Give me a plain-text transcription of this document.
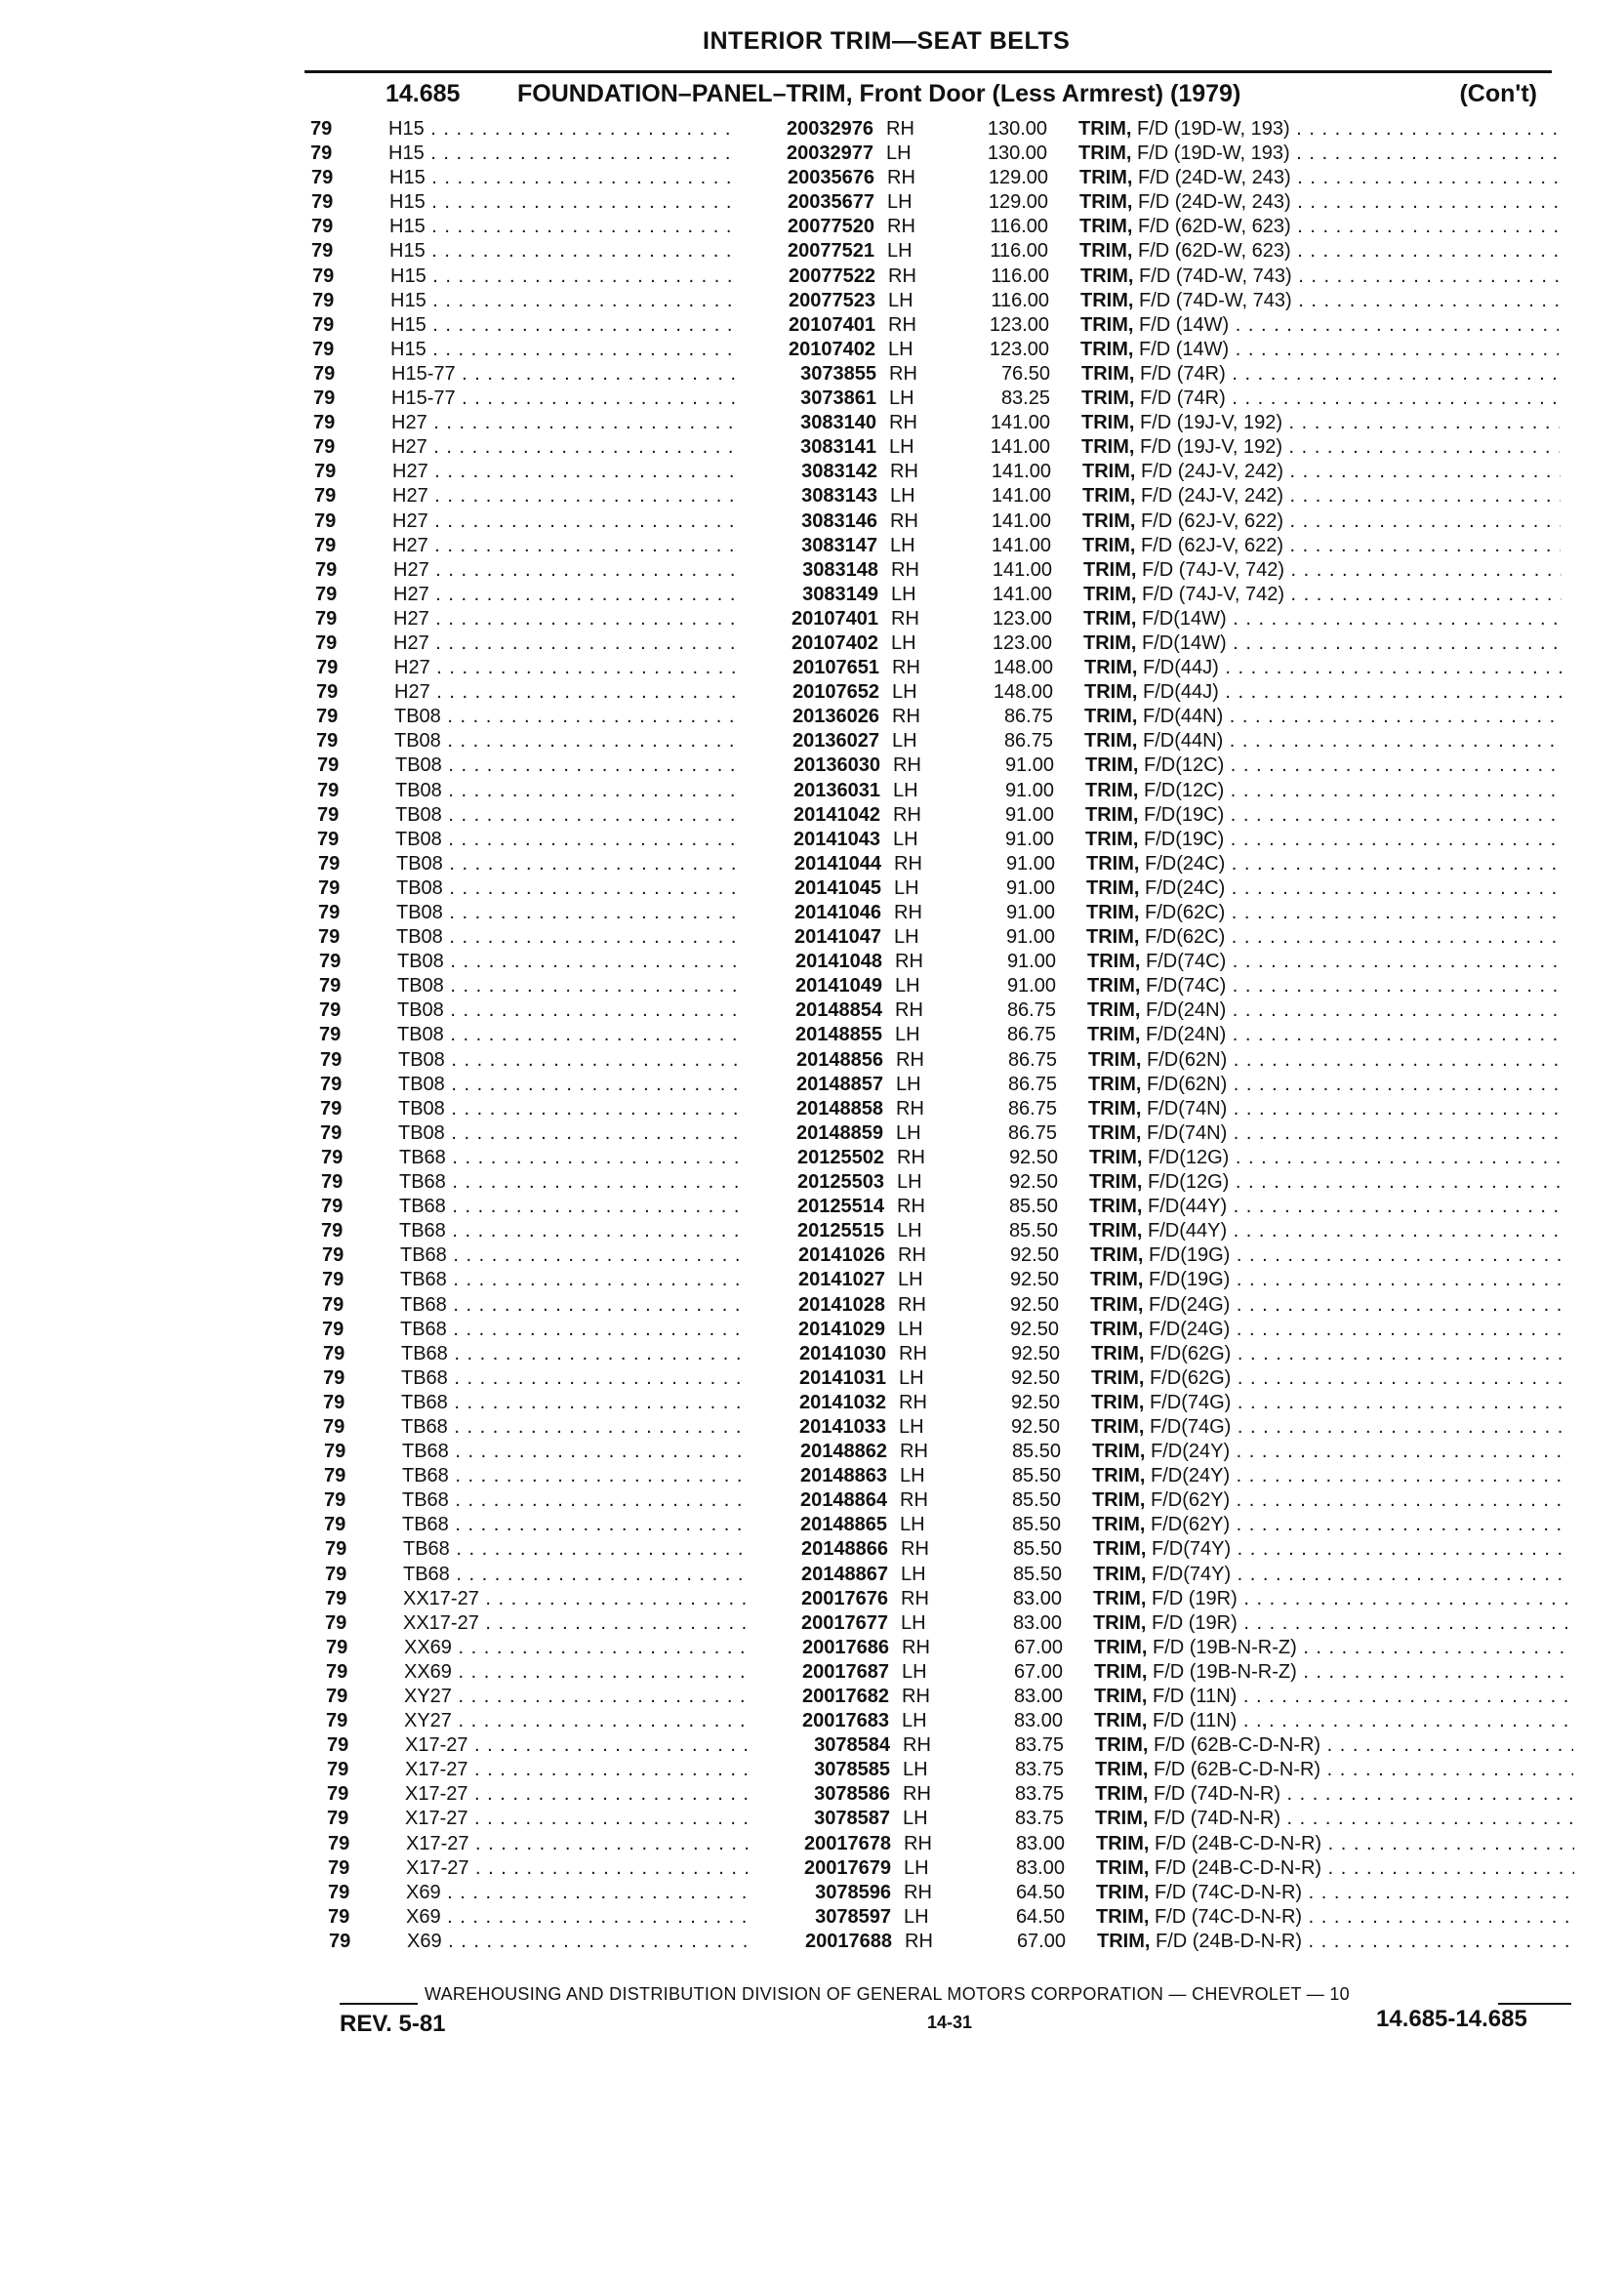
INTERIOR TRIM—SEAT BELTS
14.685 FOUNDATION–PANEL–TRIM, Front Door (Less Armrest) (1979)	(Con't)
79	H15 . . .	20032976 RH	130.00 TRIM, F/D (19D-W, 193) . . .
79	H15 . . .	20032977 LH	130.00 TRIM, F/D (19D-W, 193) . . .
79	H15 . . .	20035676 RH	129.00 TRIM, F/D (24D-W, 243) . . .
79	H15 . . .	20035677 LH	129.00 TRIM, F/D (24D-W, 243) . . .
79	H15 . . .	20077520 RH	116.00 TRIM, F/D (62D-W, 623) . . .
79	H15 . . .	20077521 LH	116.00 TRIM, F/D (62D-W, 623) . . .
79	H15 . . .	20077522 RH	116.00 TRIM, F/D (74D-W, 743) . . .
79	H15 . . .	20077523 LH	116.00 TRIM, F/D (74D-W, 743) . . .
79	H15 . . .	20107401 RH	123.00 TRIM, F/D (14W) . . .
79	H15 . . .	20107402 LH	123.00 TRIM, F/D (14W) . . .
79	H15-77 . . .	3073855 RH	76.50 TRIM, F/D (74R) . . .
79	H15-77 . . .	3073861 LH	83.25 TRIM, F/D (74R) . . .
79	H27 . . .	3083140 RH	141.00 TRIM, F/D (19J-V, 192) . . .
79	H27 . . .	3083141 LH	141.00 TRIM, F/D (19J-V, 192) . . .
79	H27 . . .	3083142 RH	141.00 TRIM, F/D (24J-V, 242) . . .
79	H27 . . .	3083143 LH	141.00 TRIM, F/D (24J-V, 242) . . .
79	H27 . . .	3083146 RH	141.00 TRIM, F/D (62J-V, 622) . . .
79	H27 . . .	3083147 LH	141.00 TRIM, F/D (62J-V, 622) . . .
79	H27 . . .	3083148 RH	141.00 TRIM, F/D (74J-V, 742) . . .
79	H27 . . .	3083149 LH	141.00 TRIM, F/D (74J-V, 742) . . .
79	H27 . . .	20107401 RH	123.00 TRIM, F/D(14W) . . .
79	H27 . . .	20107402 LH	123.00 TRIM, F/D(14W) . . .
79	H27 . . .	20107651 RH	148.00 TRIM, F/D(44J) . . .
79	H27 . . .	20107652 LH	148.00 TRIM, F/D(44J) . . .
79	TB08 . . .	20136026 RH	86.75 TRIM, F/D(44N) . . .
79	TB08 . . .	20136027 LH	86.75 TRIM, F/D(44N) . . .
79	TB08 . . .	20136030 RH	91.00 TRIM, F/D(12C) . . .
79	TB08 . . .	20136031 LH	91.00 TRIM, F/D(12C) . . .
79	TB08 . . .	20141042 RH	91.00 TRIM, F/D(19C) . . .
79	TB08 . . .	20141043 LH	91.00 TRIM, F/D(19C) . . .
79	TB08 . . .	20141044 RH	91.00 TRIM, F/D(24C) . . .
79	TB08 . . .	20141045 LH	91.00 TRIM, F/D(24C) . . .
79	TB08 . . .	20141046 RH	91.00 TRIM, F/D(62C) . . .
79	TB08 . . .	20141047 LH	91.00 TRIM, F/D(62C) . . .
79	TB08 . . .	20141048 RH	91.00 TRIM, F/D(74C) . . .
79	TB08 . . .	20141049 LH	91.00 TRIM, F/D(74C) . . .
79	TB08 . . .	20148854 RH	86.75 TRIM, F/D(24N) . . .
79	TB08 . . .	20148855 LH	86.75 TRIM, F/D(24N) . . .
79	TB08 . . .	20148856 RH	86.75 TRIM, F/D(62N) . . .
79	TB08 . . .	20148857 LH	86.75 TRIM, F/D(62N) . . .
79	TB08 . . .	20148858 RH	86.75 TRIM, F/D(74N) . . .
79	TB08 . . .	20148859 LH	86.75 TRIM, F/D(74N) . . .
79	TB68 . . .	20125502 RH	92.50 TRIM, F/D(12G) . . .
79	TB68 . . .	20125503 LH	92.50 TRIM, F/D(12G) . . .
79	TB68 . . .	20125514 RH	85.50 TRIM, F/D(44Y) . . .
79	TB68 . . .	20125515 LH	85.50 TRIM, F/D(44Y) . . .
79	TB68 . . .	20141026 RH	92.50 TRIM, F/D(19G) . . .
79	TB68 . . .	20141027 LH	92.50 TRIM, F/D(19G) . . .
79	TB68 . . .	20141028 RH	92.50 TRIM, F/D(24G) . . .
79	TB68 . . .	20141029 LH	92.50 TRIM, F/D(24G) . . .
79	TB68 . . .	20141030 RH	92.50 TRIM, F/D(62G) . . .
79	TB68 . . .	20141031 LH	92.50 TRIM, F/D(62G) . . .
79	TB68 . . .	20141032 RH	92.50 TRIM, F/D(74G) . . .
79	TB68 . . .	20141033 LH	92.50 TRIM, F/D(74G) . . .
79	TB68 . . .	20148862 RH	85.50 TRIM, F/D(24Y) . . .
79	TB68 . . .	20148863 LH	85.50 TRIM, F/D(24Y) . . .
79	TB68 . . .	20148864 RH	85.50 TRIM, F/D(62Y) . . .
79	TB68 . . .	20148865 LH	85.50 TRIM, F/D(62Y) . . .
79	TB68 . . .	20148866 RH	85.50 TRIM, F/D(74Y) . . .
79	TB68 . . .	20148867 LH	85.50 TRIM, F/D(74Y) . . .
79	XX17-27 . . .	20017676 RH	83.00 TRIM, F/D (19R) . . .
79	XX17-27 . . .	20017677 LH	83.00 TRIM, F/D (19R) . . .
79	XX69 . . .	20017686 RH	67.00 TRIM, F/D (19B-N-R-Z) . . .
79	XX69 . . .	20017687 LH	67.00 TRIM, F/D (19B-N-R-Z) . . .
79	XY27 . . .	20017682 RH	83.00 TRIM, F/D (11N) . . .
79	XY27 . . .	20017683 LH	83.00 TRIM, F/D (11N) . . .
79	X17-27 . . .	3078584 RH	83.75 TRIM, F/D (62B-C-D-N-R) . . .
79	X17-27 . . .	3078585 LH	83.75 TRIM, F/D (62B-C-D-N-R) . . .
79	X17-27 . . .	3078586 RH	83.75 TRIM, F/D (74D-N-R) . . .
79	X17-27 . . .	3078587 LH	83.75 TRIM, F/D (74D-N-R) . . .
79	X17-27 . . .	20017678 RH	83.00 TRIM, F/D (24B-C-D-N-R) . . .
79	X17-27 . . .	20017679 LH	83.00 TRIM, F/D (24B-C-D-N-R) . . .
79	X69 . . .	3078596 RH	64.50 TRIM, F/D (74C-D-N-R) . . .
79	X69 . . .	3078597 LH	64.50 TRIM, F/D (74C-D-N-R) . . .
79	X69 . . .	20017688 RH	67.00 TRIM, F/D (24B-D-N-R) . . .
WAREHOUSING AND DISTRIBUTION DIVISION OF GENERAL MOTORS CORPORATION — CHEVROLET — 10
REV. 5-81	14-31	14.685-14.685
